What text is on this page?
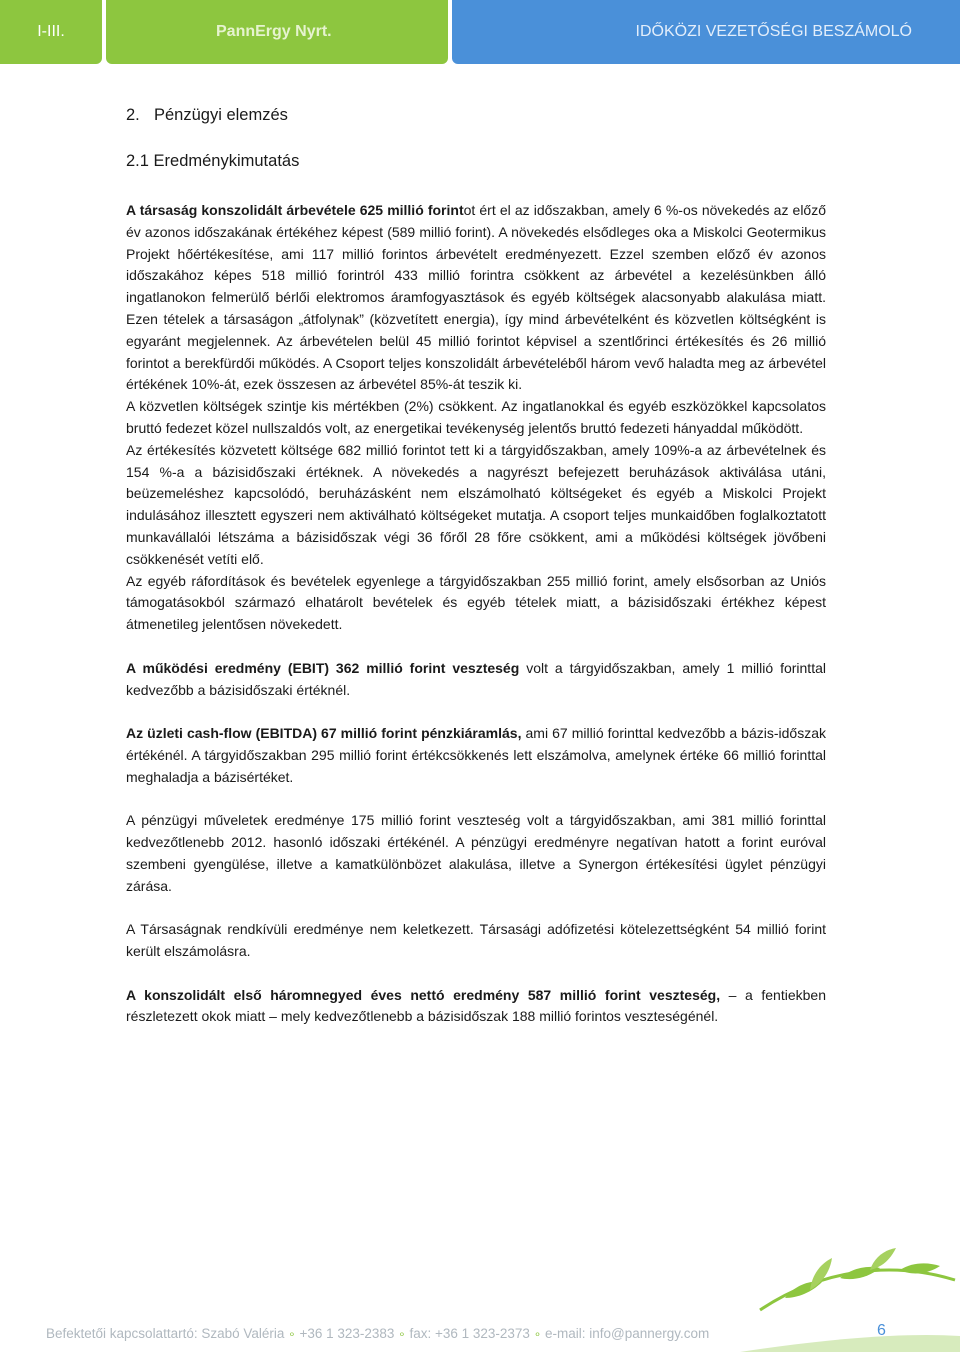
I-III.	PannErgy Nyrt.	IDŐKÖZI VEZETŐSÉGI BESZÁMOLÓ
2. Pénzügyi elemzés
2.1 Eredménykimutatás

A társaság konszolidált árbevétele 625 millió forintot ért el az időszakban, amely 6 %-os növekedés az előző év azonos időszakának értékéhez képest (589 millió forint). A növekedés elsődleges oka a Miskolci Geotermikus Projekt hőértékesítése, ami 117 millió forintos árbevételt eredményezett. Ezzel szemben előző év azonos időszakához képes 518 millió forintról 433 millió forintra csökkent az árbevétel a kezelésünkben álló ingatlanokon felmerülő bérlői elektromos áramfogyasztások és egyéb költségek alacsonyabb alakulása miatt. Ezen tételek a társaságon „átfolynak” (közvetített energia), így mind árbevételként és közvetlen költségként is egyaránt megjelennek. Az árbevételen belül 45 millió forintot képvisel a szentlőrinci értékesítés és 26 millió forintot a berekfürdői működés. A Csoport teljes konszolidált árbevételéből három vevő haladta meg az árbevétel értékének 10%-át, ezek összesen az árbevétel 85%-át teszik ki.

A közvetlen költségek szintje kis mértékben (2%) csökkent. Az ingatlanokkal és egyéb eszközökkel kapcsolatos bruttó fedezet közel nullszaldós volt, az energetikai tevékenység jelentős bruttó fedezeti hányaddal működött.

Az értékesítés közvetett költsége 682 millió forintot tett ki a tárgyidőszakban, amely 109%-a az árbevételnek és 154 %-a a bázisidőszaki értéknek. A növekedés a nagyrészt befejezett beruházások aktiválása utáni, beüzemeléshez kapcsolódó, beruházásként nem elszámolható költségeket és egyéb a Miskolci Projekt indulásához illesztett egyszeri nem aktiválható költségeket mutatja. A csoport teljes munkaidőben foglalkoztatott munkavállalói létszáma a bázisidőszak végi 36 főről 28 főre csökkent, ami a működési költségek jövőbeni csökkenését vetíti elő.

Az egyéb ráfordítások és bevételek egyenlege a tárgyidőszakban 255 millió forint, amely elsősorban az Uniós támogatásokból származó elhatárolt bevételek és egyéb tételek miatt, a bázisidőszaki értékhez képest átmenetileg jelentősen növekedett.

A működési eredmény (EBIT) 362 millió forint veszteség volt a tárgyidőszakban, amely 1 millió forinttal kedvezőbb a bázisidőszaki értéknél.

Az üzleti cash-flow (EBITDA) 67 millió forint pénzkiáramlás, ami 67 millió forinttal kedvezőbb a bázis-időszak értékénél. A tárgyidőszakban 295 millió forint értékcsökkenés lett elszámolva, amelynek értéke 66 millió forinttal meghaladja a bázisértéket.

A pénzügyi műveletek eredménye 175 millió forint veszteség volt a tárgyidőszakban, ami 381 millió forinttal kedvezőtlenebb 2012. hasonló időszaki értékénél. A pénzügyi eredményre negatívan hatott a forint euróval szembeni gyengülése, illetve a kamatkülönbözet alakulása, illetve a Synergon értékesítési ügylet pénzügyi zárása.

A Társaságnak rendkívüli eredménye nem keletkezett. Társasági adófizetési kötelezettségként 54 millió forint került elszámolásra.

A konszolidált első háromnegyed éves nettó eredmény 587 millió forint veszteség, – a fentiekben részletezett okok miatt – mely kedvezőtlenebb a bázisidőszak 188 millió forintos veszteségénél.

Befektetői kapcsolattartó: Szabó Valéria ∘ +36 1 323-2383 ∘ fax: +36 1 323-2373 ∘ e-mail: info@pannergy.com	6
